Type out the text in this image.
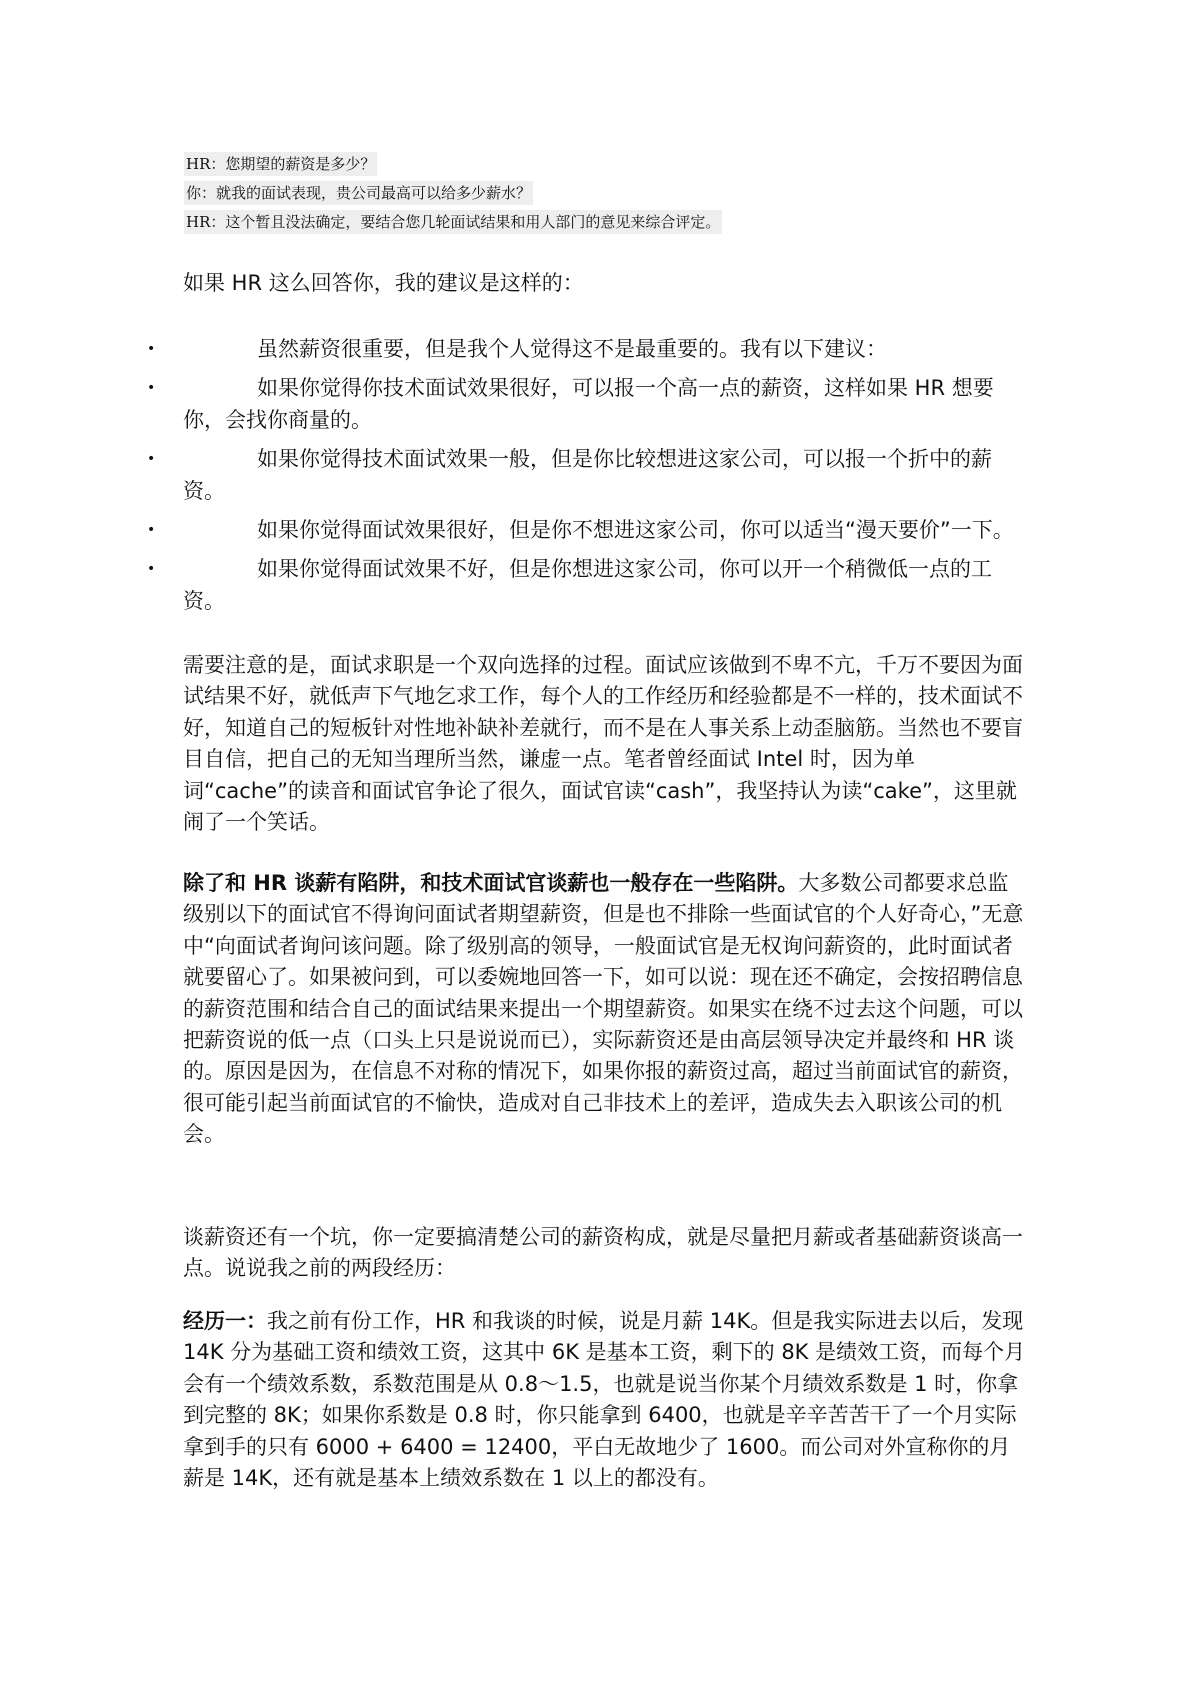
HR：您期望的薪资是多少？
你：就我的面试表现，贵公司最高可以给多少薪水？
HR：这个暂且没法确定，要结合您几轮面试结果和用人部门的意见来综合评定。

如果 HR 这么回答你，我的建议是这样的：

•	虽然薪资很重要，但是我个人觉得这不是最重要的。我有以下建议：
•	如果你觉得你技术面试效果很好，可以报一个高一点的薪资，这样如果 HR 想要你，会找你商量的。
•	如果你觉得技术面试效果一般，但是你比较想进这家公司，可以报一个折中的薪资。
•	如果你觉得面试效果很好，但是你不想进这家公司，你可以适当“漫天要价”一下。
•	如果你觉得面试效果不好，但是你想进这家公司，你可以开一个稍微低一点的工资。

需要注意的是，面试求职是一个双向选择的过程。面试应该做到不卑不亢，千万不要因为面试结果不好，就低声下气地乞求工作，每个人的工作经历和经验都是不一样的，技术面试不好，知道自己的短板针对性地补缺补差就行，而不是在人事关系上动歪脑筋。当然也不要盲目自信，把自己的无知当理所当然，谦虚一点。笔者曾经面试 Intel 时，因为单词“cache”的读音和面试官争论了很久，面试官读“cash”，我坚持认为读“cake”，这里就闹了一个笑话。

除了和 HR 谈薪有陷阱，和技术面试官谈薪也一般存在一些陷阱。大多数公司都要求总监级别以下的面试官不得询问面试者期望薪资，但是也不排除一些面试官的个人好奇心，”无意中“向面试者询问该问题。除了级别高的领导，一般面试官是无权询问薪资的，此时面试者就要留心了。如果被问到，可以委婉地回答一下，如可以说：现在还不确定，会按招聘信息的薪资范围和结合自己的面试结果来提出一个期望薪资。如果实在绕不过去这个问题，可以把薪资说的低一点（口头上只是说说而已），实际薪资还是由高层领导决定并最终和 HR 谈的。原因是因为，在信息不对称的情况下，如果你报的薪资过高，超过当前面试官的薪资，很可能引起当前面试官的不愉快，造成对自己非技术上的差评，造成失去入职该公司的机会。

谈薪资还有一个坑，你一定要搞清楚公司的薪资构成，就是尽量把月薪或者基础薪资谈高一点。说说我之前的两段经历：

经历一：我之前有份工作，HR 和我谈的时候，说是月薪 14K。但是我实际进去以后，发现 14K 分为基础工资和绩效工资，这其中 6K 是基本工资，剩下的 8K 是绩效工资，而每个月会有一个绩效系数，系数范围是从 0.8～1.5，也就是说当你某个月绩效系数是 1 时，你拿到完整的 8K；如果你系数是 0.8 时，你只能拿到 6400，也就是辛辛苦苦干了一个月实际拿到手的只有 6000 + 6400 = 12400，平白无故地少了 1600。而公司对外宣称你的月薪是 14K，还有就是基本上绩效系数在 1 以上的都没有。
